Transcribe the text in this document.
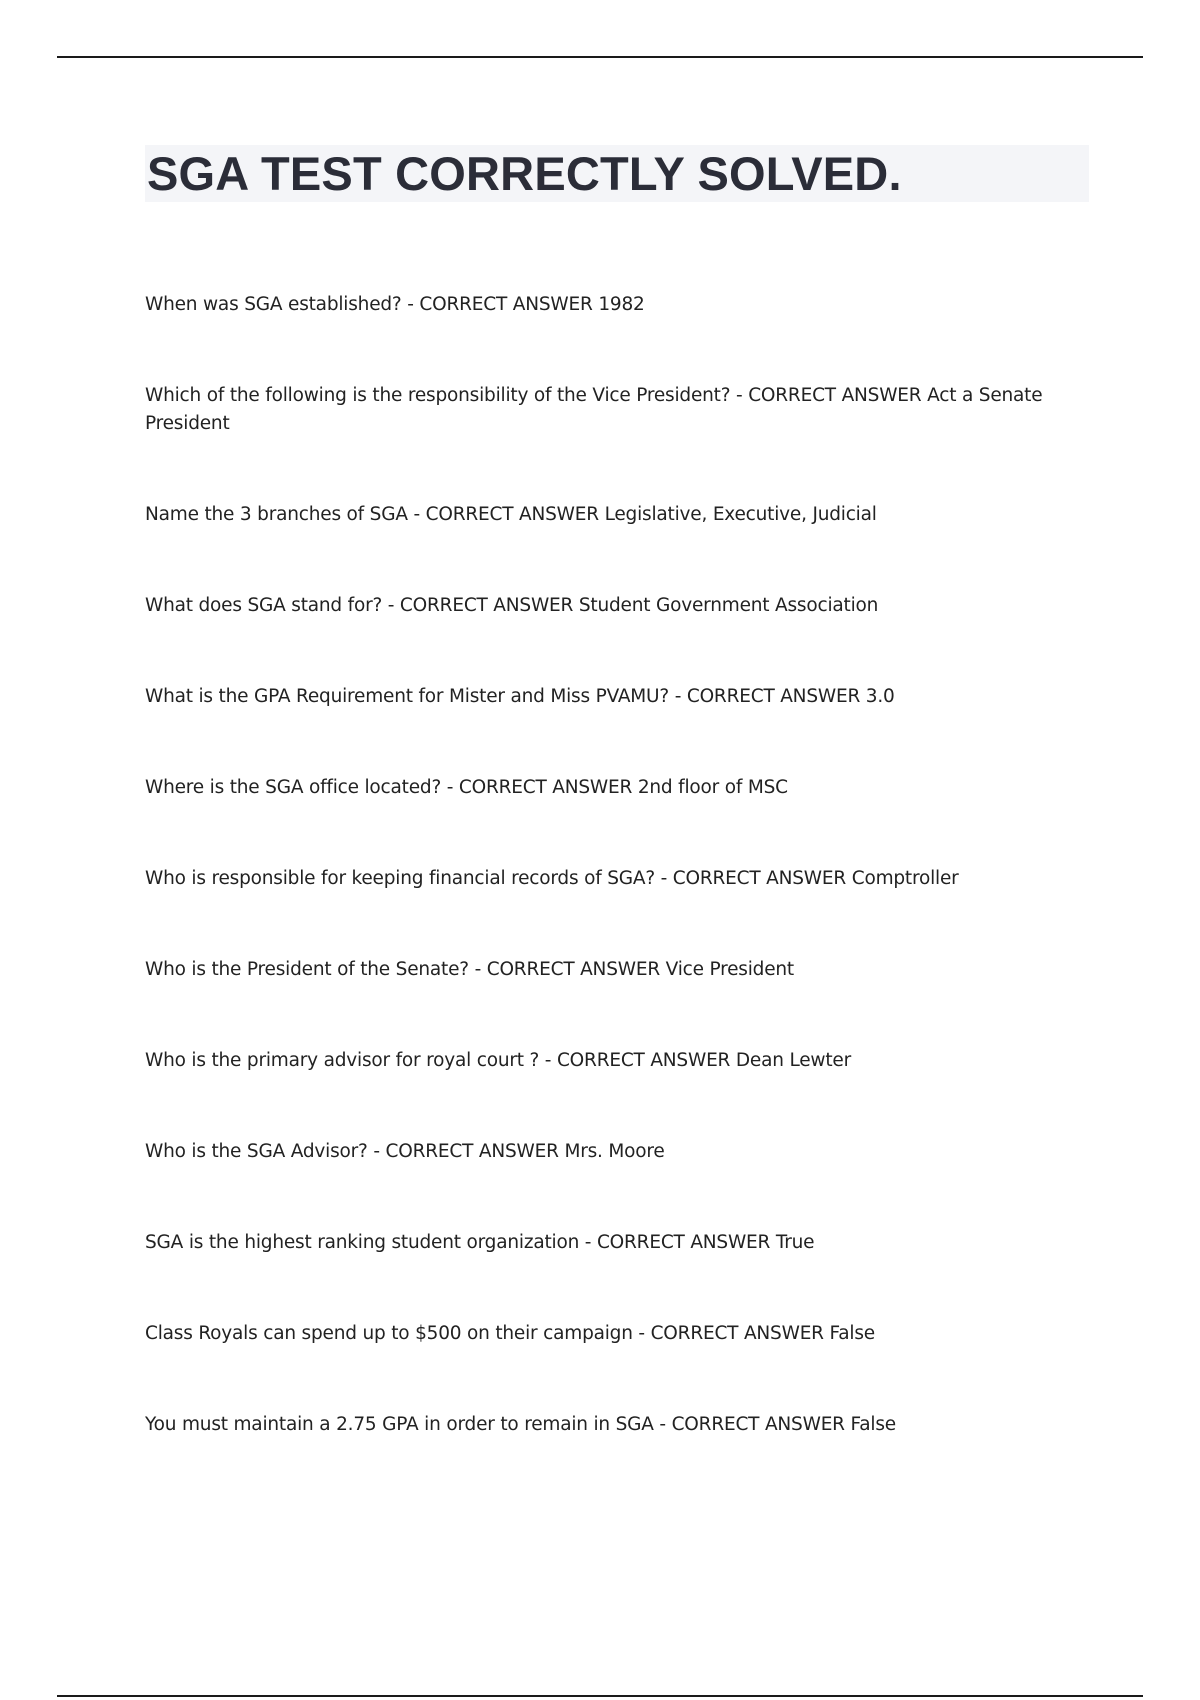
SGA TEST CORRECTLY SOLVED.
When was SGA established? - CORRECT ANSWER 1982
Which of the following is the responsibility of the Vice President? - CORRECT ANSWER Act a Senate President
Name the 3 branches of SGA - CORRECT ANSWER Legislative, Executive, Judicial
What does SGA stand for? - CORRECT ANSWER Student Government Association
What is the GPA Requirement for Mister and Miss PVAMU? - CORRECT ANSWER 3.0
Where is the SGA office located? - CORRECT ANSWER 2nd floor of MSC
Who is responsible for keeping financial records of SGA? - CORRECT ANSWER Comptroller
Who is the President of the Senate? - CORRECT ANSWER Vice President
Who is the primary advisor for royal court ? - CORRECT ANSWER Dean Lewter
Who is the SGA Advisor? - CORRECT ANSWER Mrs. Moore
SGA is the highest ranking student organization - CORRECT ANSWER True
Class Royals can spend up to $500 on their campaign - CORRECT ANSWER False
You must maintain a 2.75 GPA in order to remain in SGA - CORRECT ANSWER False
